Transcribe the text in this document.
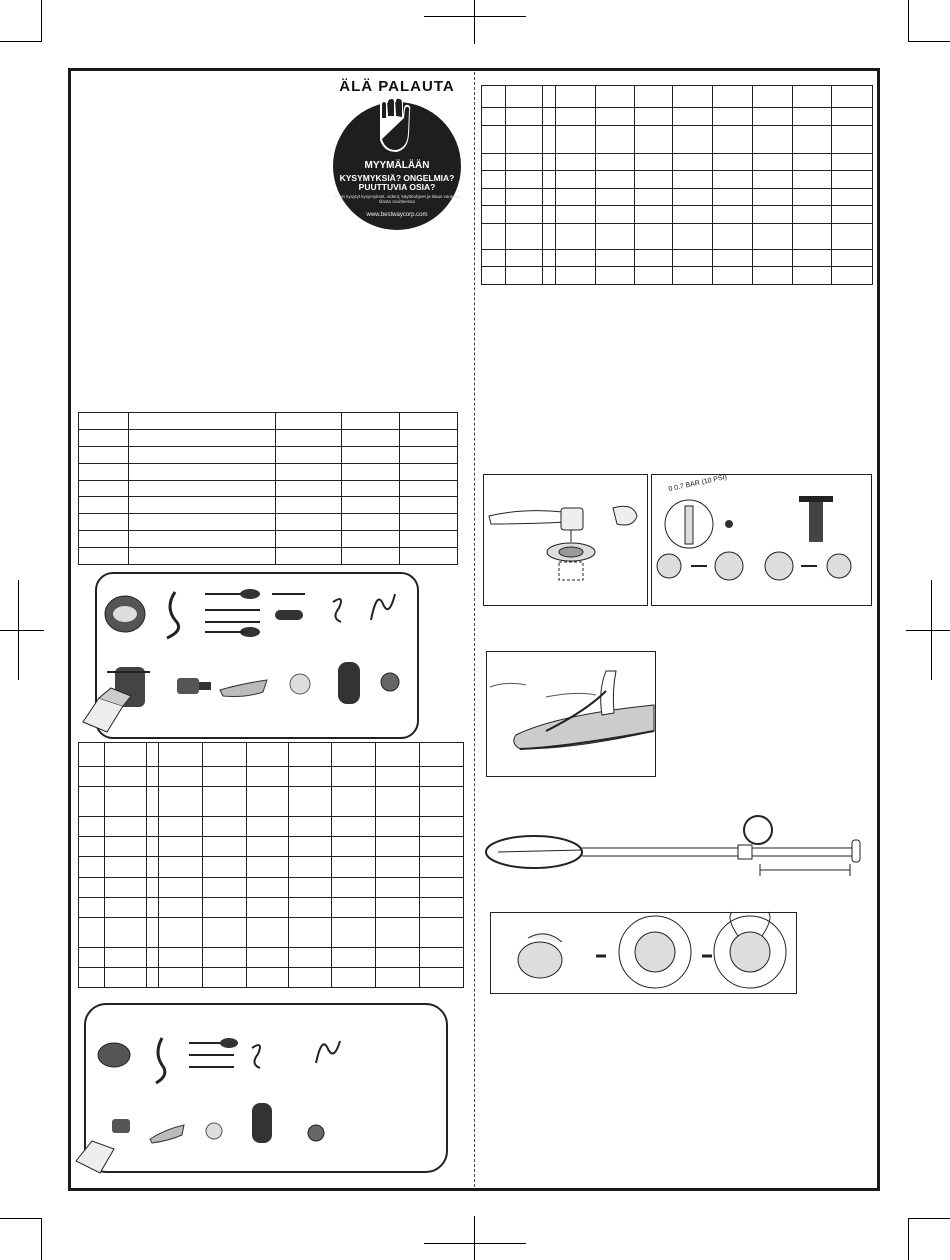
ÄLÄ PALAUTA
MYYMÄLÄÄN
KYSYMYKSIÄ? ONGELMIA? PUUTTUVIA OSIA?
Usein kysytyt kysymykset, videot, käyttöohjeet ja tilaus varaosia tilasta osoitteessa
www.bestwaycorp.com

0 0.7 BAR (10 PSI)
